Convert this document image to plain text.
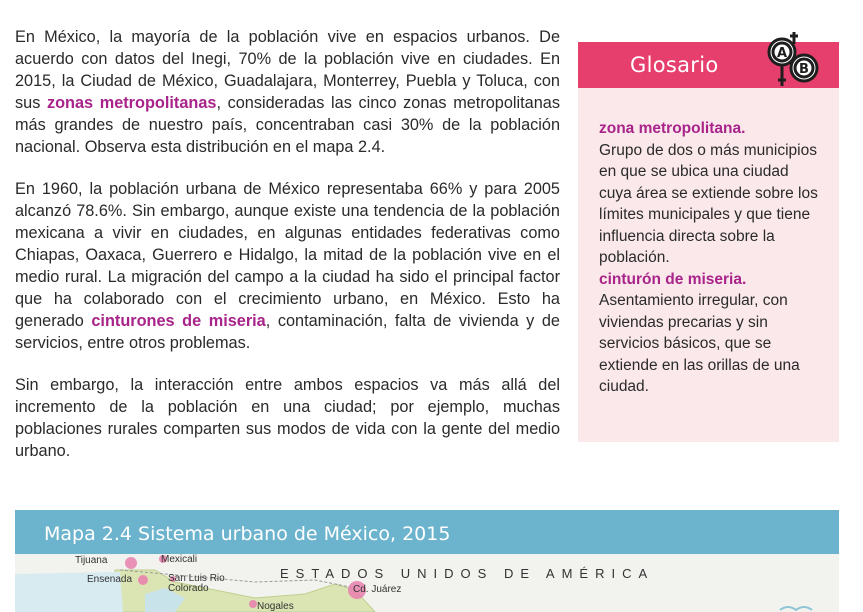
En México, la mayoría de la población vive en espacios urbanos. De acuerdo con datos del Inegi, 70% de la población vive en ciudades. En 2015, la Ciudad de México, Guadalajara, Monterrey, Puebla y Toluca, con sus zonas metropolitanas, consideradas las cinco zonas metropolitanas más grandes de nuestro país, concentraban casi 30% de la población nacional. Observa esta distribución en el mapa 2.4.

En 1960, la población urbana de México representaba 66% y para 2005 alcanzó 78.6%. Sin embargo, aunque existe una tendencia de la población mexicana a vivir en ciudades, en algunas entidades federativas como Chiapas, Oaxaca, Guerrero e Hidalgo, la mitad de la población vive en el medio rural. La migración del campo a la ciudad ha sido el principal factor que ha colaborado con el crecimiento urbano, en México. Esto ha generado cinturones de miseria, contaminación, falta de vivienda y de servicios, entre otros problemas.

Sin embargo, la interacción entre ambos espacios va más allá del incremento de la población en una ciudad; por ejemplo, muchas poblaciones rurales comparten sus modos de vida con la gente del medio urbano.

Glosario	A
B
zona metropolitana.
Grupo de dos o más municipios en que se ubica una ciudad cuya área se extiende sobre los límites municipales y que tiene influencia directa sobre la población.
cinturón de miseria.
Asentamiento irregular, con viviendas precarias y sin servicios básicos, que se extiende en las orillas de una ciudad.
Mapa 2.4 Sistema urbano de México, 2015
Tijuana	Mexicali
Ensenada	San Luis Rio Colorado	Cd. Juárez
Nogales
ESTADOS UNIDOS DE AMÉRICA
